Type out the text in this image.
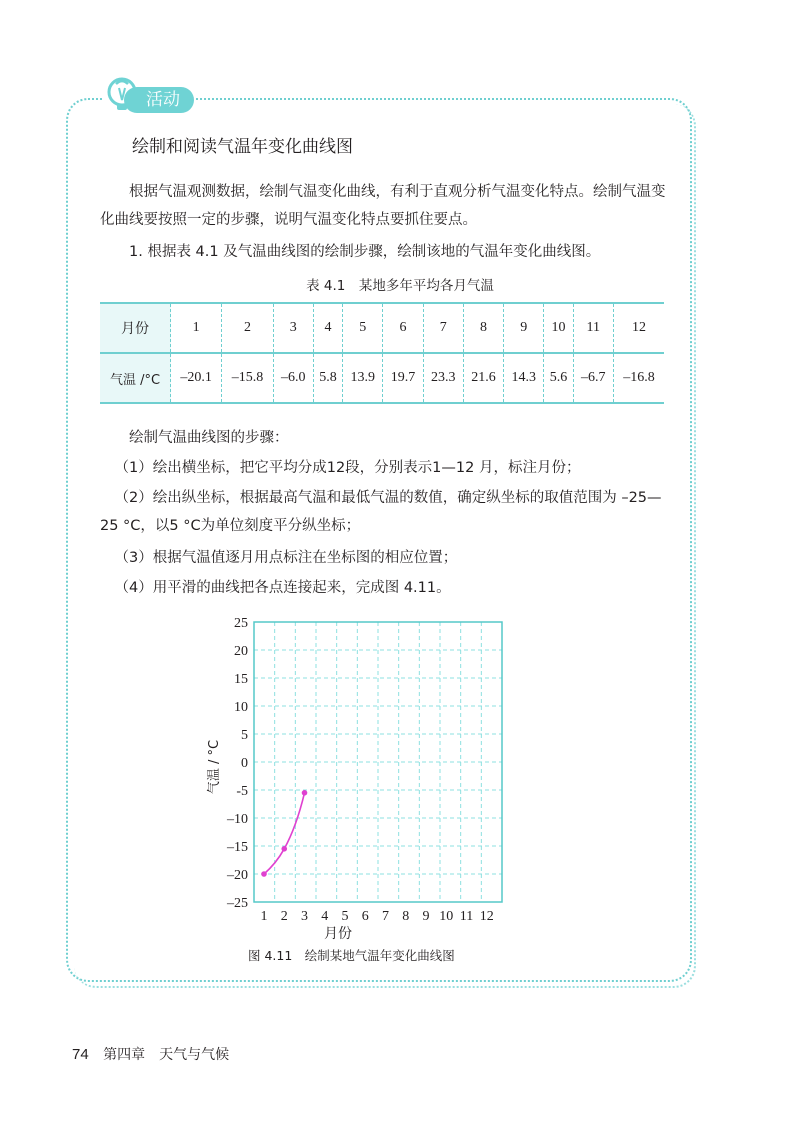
活动
绘制和阅读气温年变化曲线图
根据气温观测数据，绘制气温变化曲线，有利于直观分析气温变化特点。绘制气温变化曲线要按照一定的步骤，说明气温变化特点要抓住要点。
1. 根据表 4.1 及气温曲线图的绘制步骤，绘制该地的气温年变化曲线图。
表 4.1　某地多年平均各月气温
月份	1	2	3	4	5	6	7	8	9	10	11	12
气温 /°C	–20.1	–15.8	–6.0	5.8	13.9	19.7	23.3	21.6	14.3	5.6	–6.7	–16.8
绘制气温曲线图的步骤：
（1）绘出横坐标，把它平均分成12段，分别表示1—12 月，标注月份；
（2）绘出纵坐标，根据最高气温和最低气温的数值，确定纵坐标的取值范围为 –25—25 °C，以5 °C为单位刻度平分纵坐标；
（3）根据气温值逐月用点标注在坐标图的相应位置；
（4）用平滑的曲线把各点连接起来，完成图 4.11。
25
20
15
10
5
0
-5
–10
–15
–20
–25
1 2 3 4 5 6 7 8 9 10 11 12
月份
气温 / °C
图 4.11　绘制某地气温年变化曲线图
74 第四章　天气与气候
